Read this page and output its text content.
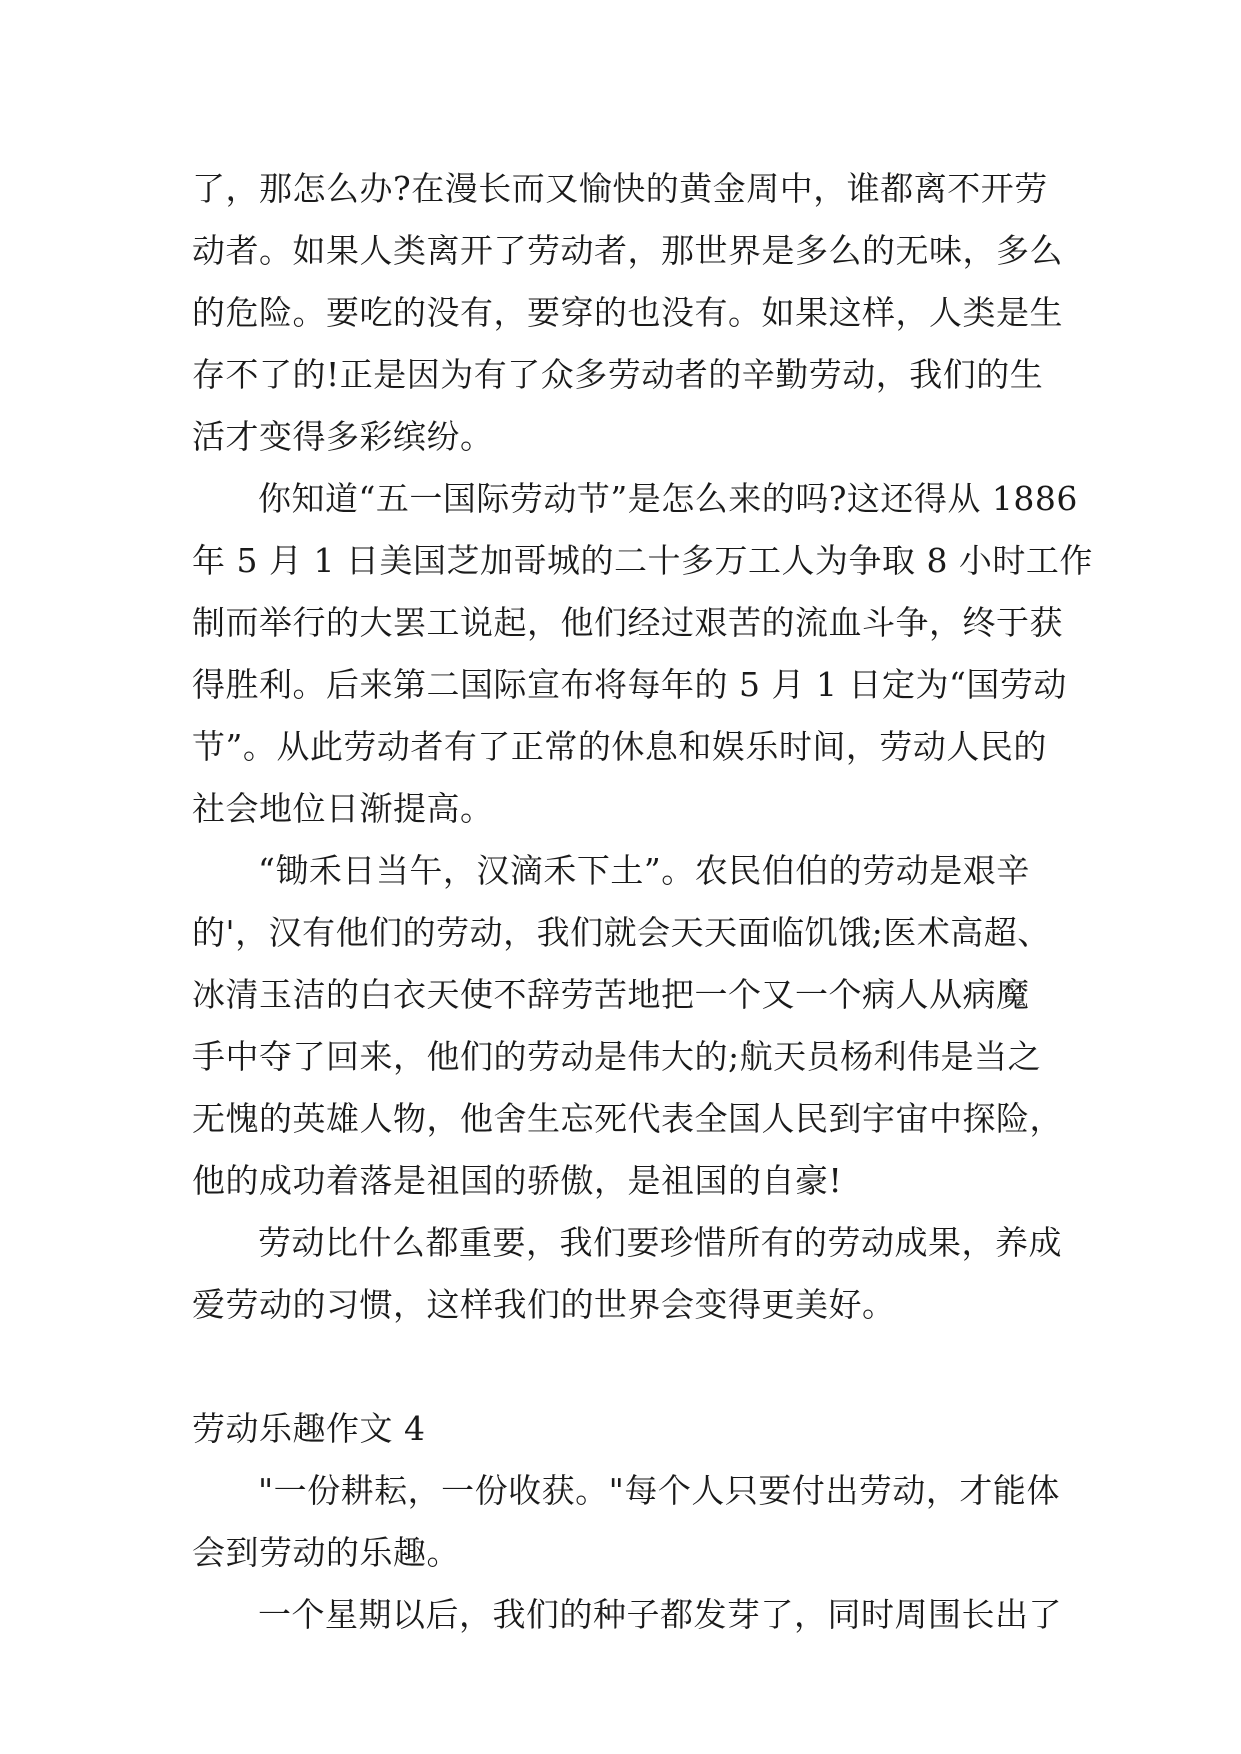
了，那怎么办?在漫长而又愉快的黄金周中，谁都离不开劳
动者。如果人类离开了劳动者，那世界是多么的无味，多么
的危险。要吃的没有，要穿的也没有。如果这样，人类是生
存不了的!正是因为有了众多劳动者的辛勤劳动，我们的生
活才变得多彩缤纷。
你知道“五一国际劳动节”是怎么来的吗?这还得从 1886
年 5 月 1 日美国芝加哥城的二十多万工人为争取 8 小时工作
制而举行的大罢工说起，他们经过艰苦的流血斗争，终于获
得胜利。后来第二国际宣布将每年的 5 月 1 日定为“国劳动
节”。从此劳动者有了正常的休息和娱乐时间，劳动人民的
社会地位日渐提高。
“锄禾日当午，汉滴禾下土”。农民伯伯的劳动是艰辛
的'，汉有他们的劳动，我们就会天天面临饥饿;医术高超、
冰清玉洁的白衣天使不辞劳苦地把一个又一个病人从病魔
手中夺了回来，他们的劳动是伟大的;航天员杨利伟是当之
无愧的英雄人物，他舍生忘死代表全国人民到宇宙中探险，
他的成功着落是祖国的骄傲，是祖国的自豪!
劳动比什么都重要，我们要珍惜所有的劳动成果，养成
爱劳动的习惯，这样我们的世界会变得更美好。
劳动乐趣作文 4
"一份耕耘，一份收获。"每个人只要付出劳动，才能体
会到劳动的乐趣。
一个星期以后，我们的种子都发芽了，同时周围长出了
